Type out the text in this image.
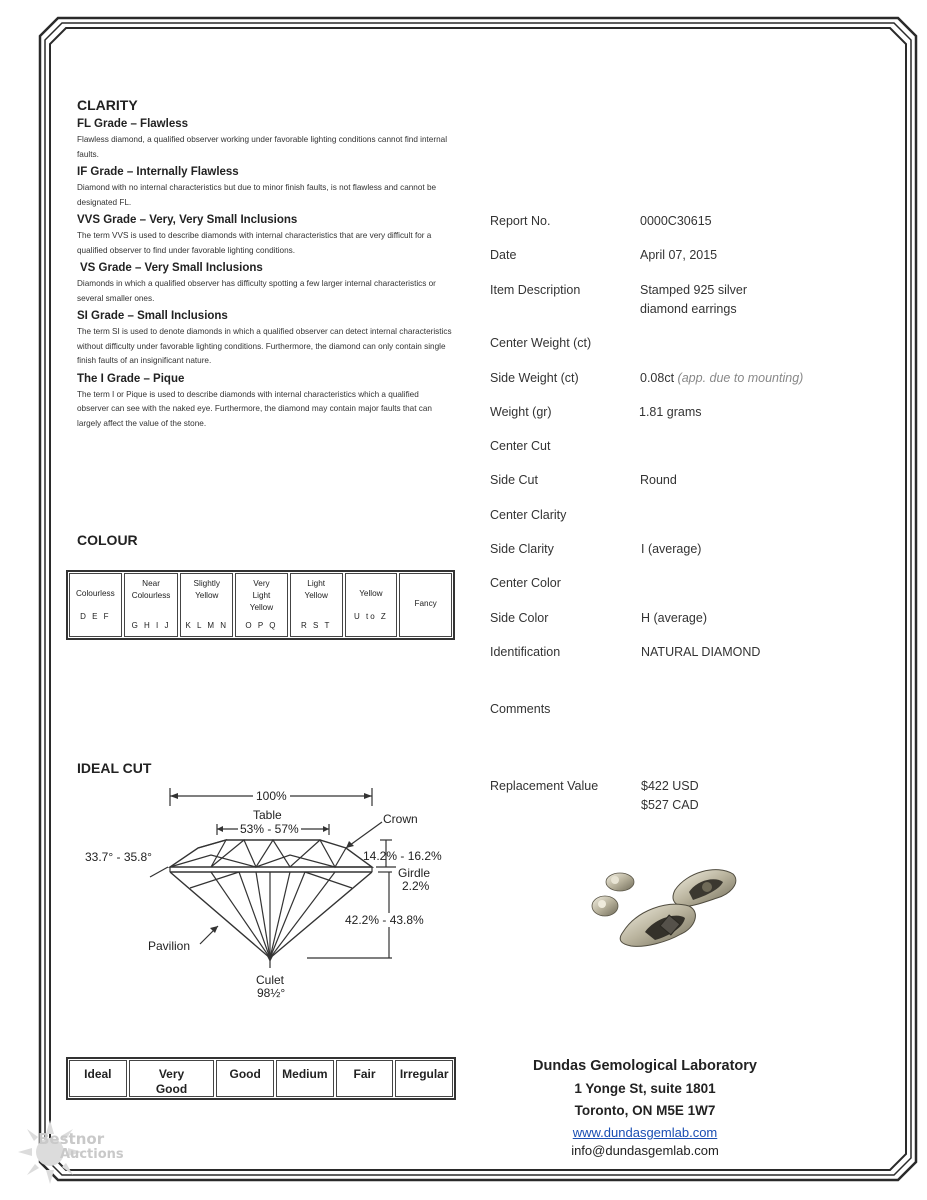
CLARITY
FL Grade – Flawless
Flawless diamond, a qualified observer working under favorable lighting conditions cannot find internal faults.
IF Grade – Internally Flawless
Diamond with no internal characteristics but due to minor finish faults, is not flawless and cannot be designated FL.
VVS Grade – Very, Very Small Inclusions
The term VVS is used to describe diamonds with internal characteristics that are very difficult for a qualified observer to find under favorable lighting conditions.
VS Grade – Very Small Inclusions
Diamonds in which a qualified observer has difficulty spotting a few larger internal characteristics or several smaller ones.
SI Grade – Small Inclusions
The term SI is used to denote diamonds in which a qualified observer can detect internal characteristics without difficulty under favorable lighting conditions. Furthermore, the diamond can only contain single finish faults of an insignificant nature.
The I Grade – Pique
The term I or Pique is used to describe diamonds with internal characteristics which a qualified observer can see with the naked eye. Furthermore, the diamond may contain major faults that can largely affect the value of the stone.
COLOUR
Colourless
D E F
Near Colourless
G H I J
Slightly Yellow
K L M N
Very Light Yellow
O P Q
Light Yellow
R S T
Yellow
U to Z
Fancy
IDEAL CUT
100%
Table
53% - 57%
Crown
33.7° - 35.8°	14.2% - 16.2%
Girdle
2.2%
42.2% - 43.8%
Pavilion
Culet
98½°
Ideal	Very Good
Good	Medium	Fair	Irregular
Report No.	0000C30615
Date	April 07, 2015
Item Description	Stamped 925 silver
diamond earrings
Center Weight (ct)
Side Weight (ct)	0.08ct (app. due to mounting)
Weight (gr)	1.81 grams
Center Cut
Side Cut	Round
Center Clarity
Side Clarity	I (average)
Center Color
Side Color	H (average)
Identification	NATURAL DIAMOND
Comments
Replacement Value	$422 USD
$527 CAD
Dundas Gemological Laboratory
1 Yonge St, suite 1801
Toronto, ON M5E 1W7
www.dundasgemlab.com
info@dundasgemlab.com
Bestnor
Auctions
